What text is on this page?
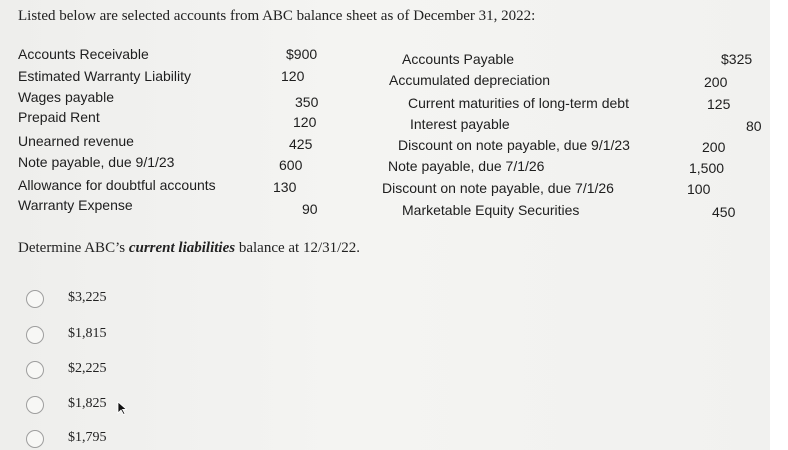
Listed below are selected accounts from ABC balance sheet as of December 31, 2022:
Accounts Receivable	$900
Estimated Warranty Liability	120
Wages payable	350
Prepaid Rent	120
Unearned revenue	425
Note payable, due 9/1/23	600
Allowance for doubtful accounts	130
Warranty Expense	90
Accounts Payable	$325
Accumulated depreciation	200
Current maturities of long-term debt	125
Interest payable	80
Discount on note payable, due 9/1/23	200
Note payable, due 7/1/26	1,500
Discount on note payable, due 7/1/26	100
Marketable Equity Securities	450
Determine ABC’s current liabilities balance at 12/31/22.
$3,225
$1,815
$2,225
$1,825
$1,795
